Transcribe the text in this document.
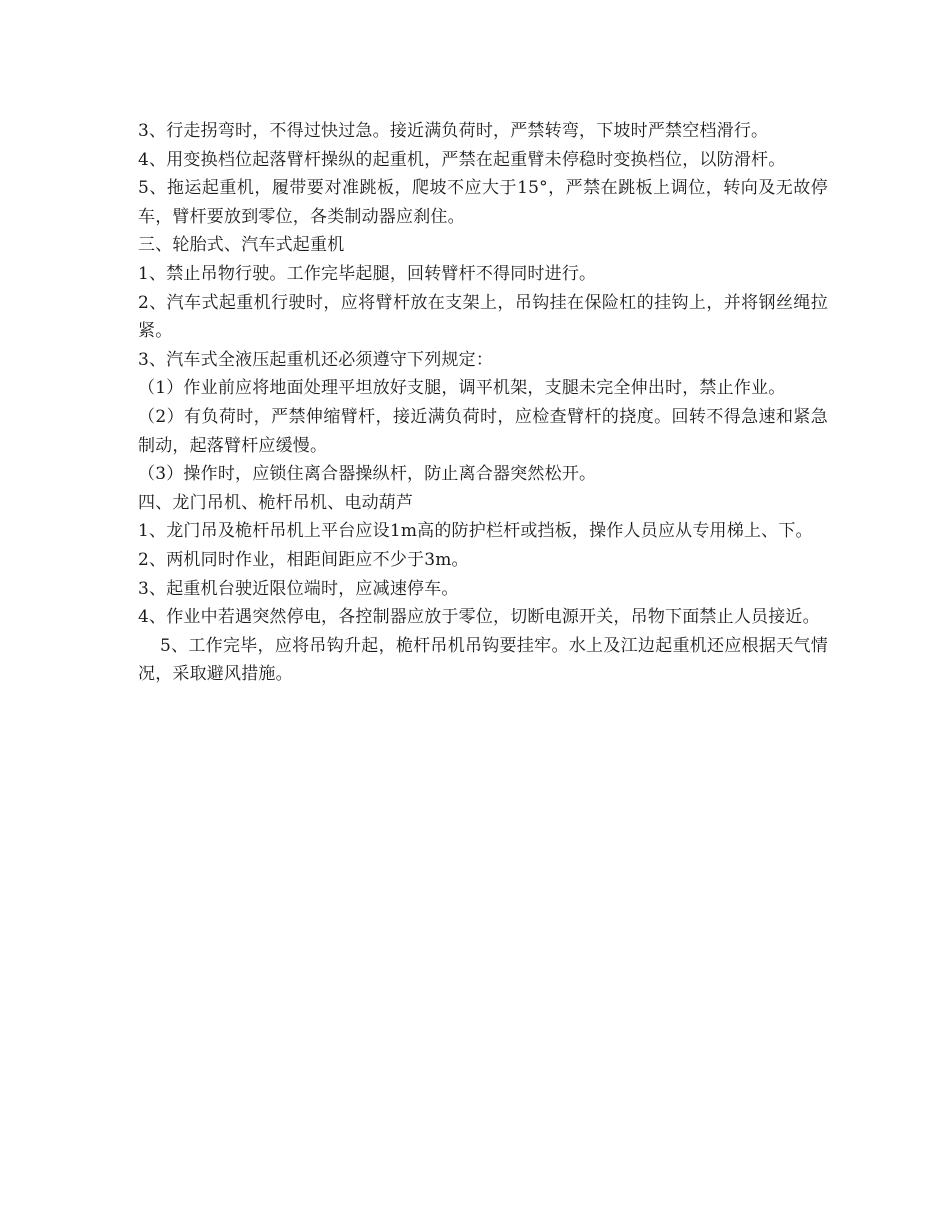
3、行走拐弯时，不得过快过急。接近满负荷时，严禁转弯，下坡时严禁空档滑行。

4、用变换档位起落臂杆操纵的起重机，严禁在起重臂未停稳时变换档位，以防滑杆。

5、拖运起重机，履带要对准跳板，爬坡不应大于15°，严禁在跳板上调位，转向及无故停车，臂杆要放到零位，各类制动器应刹住。

三、轮胎式、汽车式起重机

1、禁止吊物行驶。工作完毕起腿，回转臂杆不得同时进行。

2、汽车式起重机行驶时，应将臂杆放在支架上，吊钩挂在保险杠的挂钩上，并将钢丝绳拉紧。

3、汽车式全液压起重机还必须遵守下列规定：

（1）作业前应将地面处理平坦放好支腿，调平机架，支腿未完全伸出时，禁止作业。

（2）有负荷时，严禁伸缩臂杆，接近满负荷时，应检查臂杆的挠度。回转不得急速和紧急制动，起落臂杆应缓慢。

（3）操作时，应锁住离合器操纵杆，防止离合器突然松开。

四、龙门吊机、桅杆吊机、电动葫芦

1、龙门吊及桅杆吊机上平台应设1m高的防护栏杆或挡板，操作人员应从专用梯上、下。

2、两机同时作业，相距间距应不少于3m。

3、起重机台驶近限位端时，应减速停车。

4、作业中若遇突然停电，各控制器应放于零位，切断电源开关，吊物下面禁止人员接近。

5、工作完毕，应将吊钩升起，桅杆吊机吊钩要挂牢。水上及江边起重机还应根据天气情况，采取避风措施。
